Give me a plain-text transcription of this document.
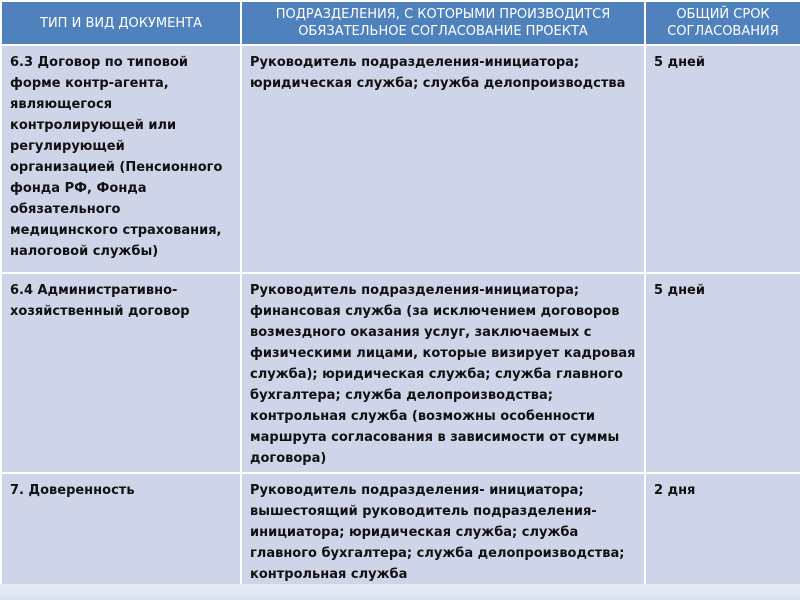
ТИП И ВИД ДОКУМЕНТА	ПОДРАЗДЕЛЕНИЯ, С КОТОРЫМИ ПРОИЗВОДИТСЯ ОБЯЗАТЕЛЬНОЕ СОГЛАСОВАНИЕ ПРОЕКТА	ОБЩИЙ СРОК СОГЛАСОВАНИЯ
6.3 Договор по типовой форме контр-агента, являющегося контролирующей или регулирующей организацией (Пенсионного фонда РФ, Фонда обязательного медицинского страхования, налоговой службы)	Руководитель подразделения-инициатора; юридическая служба; служба делопроизводства	5 дней
6.4 Административно-хозяйственный договор	Руководитель подразделения-инициатора; финансовая служба (за исключением договоров возмездного оказания услуг, заключаемых с физическими лицами, которые визирует кадровая служба); юридическая служба; служба главного бухгалтера; служба делопроизводства; контрольная служба (возможны особенности маршрута согласования в зависимости от суммы договора)	5 дней
7. Доверенность	Руководитель подразделения- инициатора; вышестоящий руководитель подразделения-инициатора; юридическая служба; служба главного бухгалтера; служба делопроизводства; контрольная служба	2 дня
